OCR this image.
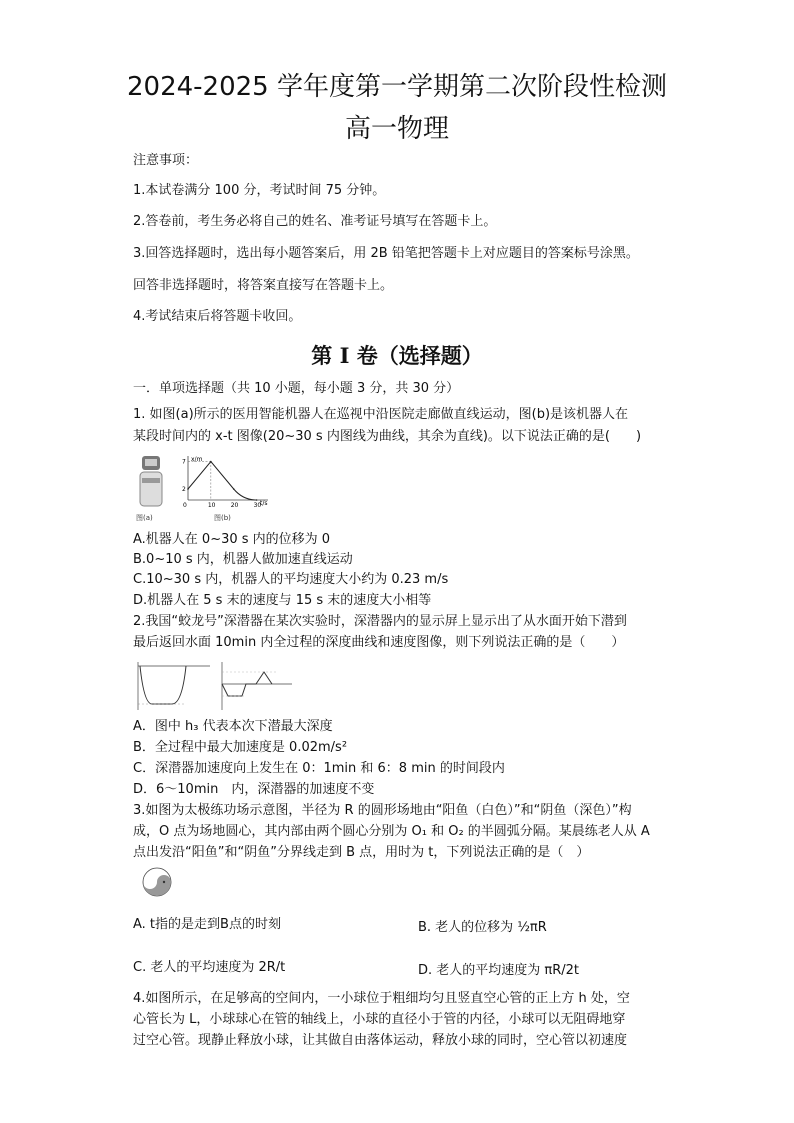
2024-2025 学年度第一学期第二次阶段性检测
高一物理
注意事项：
1.本试卷满分 100 分，考试时间 75 分钟。
2.答卷前，考生务必将自己的姓名、准考证号填写在答题卡上。
3.回答选择题时，选出每小题答案后，用 2B 铅笔把答题卡上对应题目的答案标号涂黑。
回答非选择题时，将答案直接写在答题卡上。
4.考试结束后将答题卡收回。
第 I 卷（选择题）
一．单项选择题（共 10 小题，每小题 3 分，共 30 分）
1. 如图(a)所示的医用智能机器人在巡视中沿医院走廊做直线运动，图(b)是该机器人在
某段时间内的 x-t 图像(20~30 s 内图线为曲线，其余为直线)。以下说法正确的是(　　)
图(a)
x/m
t/s
7
2
0	10	20	30
图(b)
A.机器人在 0~30 s 内的位移为 0
B.0~10 s 内，机器人做加速直线运动
C.10~30 s 内，机器人的平均速度大小约为 0.23 m/s
D.机器人在 5 s 末的速度与 15 s 末的速度大小相等
2.我国“蛟龙号”深潜器在某次实验时，深潜器内的显示屏上显示出了从水面开始下潜到
最后返回水面 10min 内全过程的深度曲线和速度图像，则下列说法正确的是（　　）
A．图中 h₃ 代表本次下潜最大深度
B．全过程中最大加速度是 0.02m/s²
C．深潜器加速度向上发生在 0：1min 和 6：8 min 的时间段内
D．6～10min　内，深潜器的加速度不变
3.如图为太极练功场示意图，半径为 R 的圆形场地由“阳鱼（白色）”和“阴鱼（深色）”构
成，O 点为场地圆心，其内部由两个圆心分别为 O₁ 和 O₂ 的半圆弧分隔。某晨练老人从 A
点出发沿“阳鱼”和“阴鱼”分界线走到 B 点，用时为 t，下列说法正确的是（　）
A. t指的是走到B点的时刻	B. 老人的位移为 ½πR
C. 老人的平均速度为 2R/t	D. 老人的平均速度为 πR/2t
4.如图所示，在足够高的空间内，一小球位于粗细均匀且竖直空心管的正上方 h 处，空
心管长为 L，小球球心在管的轴线上，小球的直径小于管的内径，小球可以无阻碍地穿
过空心管。现静止释放小球，让其做自由落体运动，释放小球的同时，空心管以初速度
